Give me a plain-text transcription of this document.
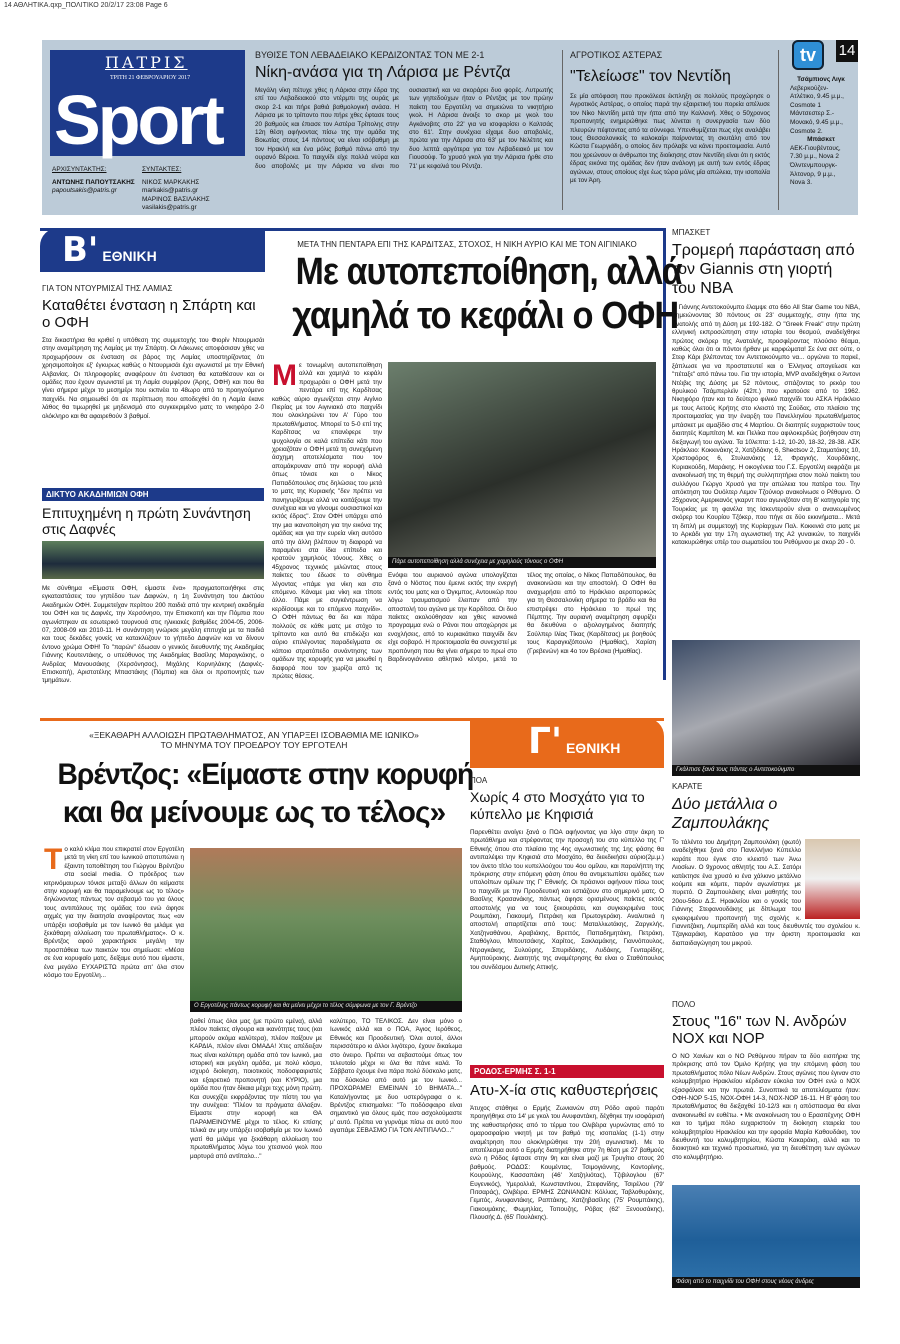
14 ΑΘΛΗΤΙΚΑ.qxp_ΠΟΛΙΤΙΚΟ 20/2/17 23:08 Page 6
ΠΑΤΡΙΣ
ΤΡΙΤΗ 21 ΦΕΒΡΟΥΑΡΙΟΥ 2017
Sport
ΑΡΧΙΣΥΝΤΑΚΤΗΣ:
ΑΝΤΩΝΗΣ ΠΑΠΟΥΤΣΑΚΗΣ
papoutsakis@patris.gr
ΣΥΝΤΑΚΤΕΣ:
ΝΙΚΟΣ ΜΑΡΚΑΚΗΣ markakis@patris.gr
ΜΑΡΙΝΟΣ ΒΑΣΙΛΑΚΗΣ vasilakis@patris.gr
ΒΥΘΙΣΕ ΤΟΝ ΛΕΒΑΔΕΙΑΚΟ ΚΕΡΔΙΖΟΝΤΑΣ ΤΟΝ ΜΕ 2-1
Νίκη-ανάσα για τη Λάρισα με Ρέντζα
Μεγάλη νίκη πέτυχε χθες η Λάρισα στην έδρα της επί του Λεβαδειακού στο ντέρμπι της ουράς με σκορ 2-1 και πήρε βαθιά βαθμολογική ανάσα. Η Λάρισα με το τρίποντο που πήρε χθες έφτασε τους 20 βαθμούς και έπιασε τον Αστέρα Τρίπολης στην 12η θέση αφήνοντας πίσω της την ομάδα της Βοιωτίας στους 14 πόντους να είναι ισόβαθμη με τον Ηρακλή και ένα μόλις βαθμό πάνω από την ουρανό Βέροια. Το παιχνίδι είχε πολλά νεύρα και δυο αποβολές με την Λάρισα να είναι πιο ουσιαστική και να σκοράρει δυο φορές. Λυτρωτής των γηπεδούχων ήταν ο Ρέντζας με τον πρώην παίκτη του Εργοτέλη να σημειώνει το νικητήριο γκολ. Η Λάρισα άνοιξε το σκορ με γκολ του Αγκάνοβιτς στο 22' για να ισοφαρίσει ο Καλτσάς στο 61'. Στην συνέχεια είχαμε δυο αποβολές, πρώτα για την Λάρισα στο 63' με τον Νελέτιτς και δυο λεπτά αργότερα για τον Λεβαδειακό με τον Γιουσούφ. Το χρυσό γκολ για την Λάρισα ήρθε στο 71' με κεφαλιά του Ρέντζα.
ΑΓΡΟΤΙΚΟΣ ΑΣΤΕΡΑΣ
"Τελείωσε" τον Νεντίδη
Σε μία απόφαση που προκάλεσε έκπληξη σε πολλούς προχώρησε ο Αγροτικός Αστέρας, ο οποίος παρά την εξαιρετική του πορεία απέλυσε τον Νίκο Νεντίδη μετά την ήττα από την Καλλονή. Χθες ο 50χρονος προπονητής ενημερώθηκε πως λύνεται η συνεργασία των δύο πλευρών πέφτοντας από τα σύννεφα. Υπενθυμίζεται πως είχε αναλάβει τους Θεσσαλονικείς το καλοκαίρι παίρνοντας τη σκυτάλη από τον Κώστα Γεωργιάδη, ο οποίος δεν πρόλαβε να κάνει προετοιμασία. Αυτό που χρεώνουν οι άνθρωποι της διοίκησης στον Νεντίδη είναι ότι η εκτός έδρας εικόνα της ομάδας δεν ήταν ανάλογη με αυτή των εντός έδρας αγώνων, στους οποίους είχε έως τώρα μόλις μία απώλεια, την ισοπαλία με τον Άρη.
tv	14
Τσάμπιονς Λιγκ
Λεβερκούζεν-Ατλέτικο, 9.45 μ.μ., Cosmote 1
Μάντσεστερ Σ.-Μονακό, 9.45 μ.μ., Cosmote 2.
Μπάσκετ
ΑΕΚ-Γιουβέντους, 7.30 μ.μ., Nova 2
Όλντενμπουργκ-Άλτονορ, 9 μ.μ., Nova 3.
Β' ΕΘΝΙΚΗ
ΓΙΑ ΤΟΝ ΝΤΟΥΡΜΙΣΑΪ ΤΗΣ ΛΑΜΙΑΣ
Καταθέτει ένσταση η Σπάρτη και ο ΟΦΗ
Στα δικαστήρια θα κριθεί η υπόθεση της συμμετοχής του Φιορίν Ντουρμισάι στην αναμέτρηση της Λαμίας με την Σπάρτη. Οι Λάκωνες αποφάσισαν χθες να προχωρήσουν σε ένσταση σε βάρος της Λαμίας υποστηρίζοντας ότι χρησιμοποίησε εξ' έγκυρως καθώς ο Ντουρμισάι έχει αγωνιστεί με την Εθνική Αλβανίας. Οι πληροφορίες αναφέρουν ότι ένσταση θα καταθέσουν και οι ομάδες που έχουν αγωνιστεί με τη Λαμία συμφέρον (Άρης, ΟΦΗ) και που θα γίνει σήμερα μέχρι το μεσημέρι που εκπνέει το 48ωρο από το προηγούμενο παιχνίδι. Να σημειωθεί ότι σε περίπτωση που αποδεχθεί ότι η Λαμία έκανε λάθος θα τιμωρηθεί με μηδενισμό στο συγκεκριμένο ματς το νικηφόρο 2-0 ολόκληρο και θα αφαιρεθούν 3 βαθμοί.
ΔΙΚΤΥΟ ΑΚΑΔΗΜΙΩΝ ΟΦΗ
Επιτυχημένη η πρώτη Συνάντηση στις Δαφνές
Με σύνθημα «Είμαστε ΟΦΗ, είμαστε ένα» πραγματοποιήθηκε στις εγκαταστάσεις του γηπέδου των Δαφνών, η 1η Συνάντηση του Δικτύου Ακαδημιών ΟΦΗ. Συμμετείχαν περίπου 200 παιδιά από την κεντρική ακαδημία του ΟΦΗ και τις Δαφνές, την Χερσόνησο, την Επισκοπή και την Πόμπια που αγωνίστηκαν σε εσωτερικό τουρνουά στις ηλικιακές βαθμίδες 2004-05, 2006-07, 2008-09 και 2010-11. Η συνάντηση γνώρισε μεγάλη επιτυχία με τα παιδιά και τους δεκάδες γονείς να κατακλύζουν το γήπεδο Δαφνών και να δίνουν έντονο χρώμα ΟΦΗ! Το "παρών" έδωσαν ο γενικός διευθυντής της Ακαδημίας Γιάννης Κουτεντάκης, ο υπεύθυνος της Ακαδημίας Βασίλης Μαραγκάκης, ο Ανδρέας Μανουσάκης (Χερσόνησος), Μιχάλης Κορνηλάκης (Δαφνές-Επισκοπή), Αριστοτέλης Μπαστάκης (Πόμπια) και όλοι οι προπονητές των τμημάτων.
ΜΕΤΑ ΤΗΝ ΠΕΝΤΑΡΑ ΕΠΙ ΤΗΣ ΚΑΡΔΙΤΣΑΣ, ΣΤΟΧΟΣ, Η ΝΙΚΗ ΑΥΡΙΟ ΚΑΙ ΜΕ ΤΟΝ ΑΙΓΙΝΙΑΚΟ
Με αυτοπεποίθηση, αλλά
χαμηλά το κεφάλι ο ΟΦΗ
Με τονωμένη αυτοπεποίθηση αλλά και χαμηλά το κεφάλι προχωράει ο ΟΦΗ μετά την πεντάρα επί της Καρδίτσας καθώς αύριο αγωνίζεται στην Αιγίνιο Πιερίας με τον Αιγινιακό στο παιχνίδι που ολοκληρώνει τον Α' Γύρο του πρωταθλήματος. Μπορεί το 5-0 επί της Καρδίτσας να επανέφερε την ψυχολογία σε καλά επίπεδα κάτι που χρειαζόταν ο ΟΦΗ μετά τη συνεχόμενη άσχημη αποτελέσματα που τον απομάκρυναν από την κορυφή αλλά όπως τόνισε και ο Νίκος Παπαδόπουλος στις δηλώσεις του μετά το ματς της Κυριακής "δεν πρέπει να πανηγυρίζουμε αλλά να κοιτάξουμε την συνέχεια και να γίνουμε ουσιαστικοί και εκτός έδρας". Στον ΟΦΗ υπάρχει από την μια ικανοποίηση για την εικόνα της ομάδας και για την ευρεία νίκη αυτόσο από την άλλη βλέπουν τη διαφορά να παραμένει στα ίδια επίπεδα και κρατούν χαμηλούς τόνους. Χθες ο 45χρονος τεχνικός μιλώντας στους παίκτες του έδωσε το σύνθημα λέγοντας «πάμε για νίκη και στο επόμενο. Κάναμε μια νίκη και τίποτε άλλο. Πάμε με συγκέντρωση να κερδίσουμε και το επόμενο παιχνίδι». Ο ΟΦΗ πάντως θα δει και πάρα πολλούς σε κάθε ματς με στόχο το τρίποντο και αυτό θα επιδιώξει και αύριο επιλέγοντας παραδείγματα σε κάποιο στρατόπεδο συνάντησης των ομάδων της κορυφής για να μειωθεί η διαφορά που τον χωρίζει από τις πρώτες θέσεις.
Πάρε αυτοπεποίθηση αλλά συνέχεια με χαμηλούς τόνους ο ΟΦΗ
Ενόψει του αυριανού αγώνα υπολογίζεται ξανά ο Νόστος που έμεινε εκτός την ενεργή εντός του ματς και ο Όγκμπος, Αντουκώρ που λόγω τραυματισμού έλειπαν από την αποστολή του αγώνα με την Καρδίτσα. Οι δυο παίκτες ακολούθησαν και χθες κανονικά προγραμμα ενώ ο Ράνοι που αποχώρησε με ενοχλήσεις, από το κυριακάτικο παιχνίδι δεν είχε σοβαρό. Η προετοιμασία θα συνεχιστεί με προπόνηση που θα γίνει σήμερα το πρωί στο Βαρδινογιάννειο αθλητικό κέντρο, μετά το τέλος της οποίας, ο Νίκος Παπαδόπουλος, θα ανακοινώσει και την αποστολή. Ο ΟΦΗ θα αναχωρήσει από το Ηράκλειο αεροπορικώς για τη Θεσσαλονίκη σήμερα το βράδυ και θα επιστρέψει στο Ηράκλειο το πρωί της Πέμπτης. Την αυριανή αναμέτρηση σφυρίζει θα διευθύνει ο αξιολογημένος διαιτητής Σούλπερ Ιλίας Τίκας (Καρδίτσας) με βοηθούς τους Καραγκιζόπουλο (Ημαθίας), Χαρίση (Γρεβενών) και 4ο τον Βρέσκα (Ημαθίας).
ΜΠΑΣΚΕΤ
Τρομερή παράσταση από τον Giannis στη γιορτή του NBA
Ο Γιάννης Αντετοκούνμπο έλαμψε στο 66ο All Star Game του NBA, σημειώνοντας 30 πόντους σε 23' συμμετοχής, στην ήττα της Ανατολής από τη Δύση με 192-182. Ο "Greek Freak" στην πρώτη ελληνική εκπροσώπηση στην ιστορία του θεσμού, αναδείχθηκε πρώτος σκόρερ της Ανατολής, προσφέροντας πλούσιο θέαμα, καθώς όλοι ότι οι πόντοι ήρθαν με καρφώματα! Σε ένα σετ ούτε, ο Στεφ Κάρι βλέποντας τον Αντετοκούνμπο να... οργώνει το παρκέ, ξάπλωσε για να προστατευτεί και ο Έλληνας απογείωσε και "πέταξε" από πάνω του. Για την ιστορία, MVP αναδείχθηκε ο Άντονι Ντέιβις της Δύσης με 52 πόντους, σπάζοντας το ρεκόρ του θρυλικού Τσάμπερλεϊν (42π.) που κρατούσε από το 1962. Νικηφόρο ήταν και το δεύτερο φιλικό παιχνίδι του ΑΣΚΑ Ηράκλειο με τους Αετούς Κρήτης στο κλειστό της Σούδας, στο πλαίσιο της προετοιμασίας για την έναρξη του Πανελληνίου πρωταθλήματος μπάσκετ με αμαξίδιο στις 4 Μαρτίου. Οι διαιτητές ευχαριστούν τους διαιτητές Καμπίτση Μ. και Πελίκα που αφιλοκερδώς βοήθησαν στη διεξαγωγή του αγώνα. Τα 10λεπτα: 1-12, 10-20, 18-32, 28-38. ΑΣΚ Ηράκλειο: Κοκκινάκης 2, Χατζιδάκης 6, Shectsov 2, Σταματάκης 10, Χριστοφόρος 6, Στυλιανάκης 12, Φραγκής, Χουρδάκης, Κυριακούδη, Μαράκης. Η οικογένεια του Γ.Σ. Εργοτέλη εκφράζει με ανακοίνωσή της τη θερμή της συλληπητήρια στον πολύ παίκτη του συλλόγου Γιώργο Χρυσό για την απώλεια του πατέρα του. Την απόκτηση του Ουόλτερ Λεμον Τζούνιορ ανακοίνωσε ο Ρέθυμνο. Ο 25χρονος Αμερικανός γκαρντ που αγωνιζόταν στη Β' κατηγορία της Τουρκίας με τη φανέλα της Ισκεντερούν είναι ο ανανεωμένος σκόρερ του Κουρίου Τζόκερ, που πήγε σε δύο εκκινήματα... Μετά τη διπλή με συμμετοχή της Κυρίαρχων Παλ. Κοκκινιά στο ματς με το Αρκάδι για την 17η αγωνιστική της Α2 γυναικών, το παιχνίδι κατακυρώθηκε υπέρ του σωματείου του Ρεθύμνου με σκορ 20 - 0.
Γκάλπισε ξανά τους πάντες ο Αντετοκούνμπο
Γ' ΕΘΝΙΚΗ
«ΞΕΚΑΘΑΡΗ ΑΛΛΟΙΩΣΗ ΠΡΩΤΑΘΛΗΜΑΤΟΣ, ΑΝ ΥΠΑΡΞΕΙ ΙΣΟΒΑΘΜΙΑ ΜΕ ΙΩΝΙΚΟ»
ΤΟ ΜΗΝΥΜΑ ΤΟΥ ΠΡΟΕΔΡΟΥ ΤΟΥ ΕΡΓΟΤΕΛΗ
Βρέντζος: «Είμαστε στην κορυφή
και θα μείνουμε ως το τέλος»
Το καλό κλίμα που επικρατεί στον Εργοτέλη μετά τη νίκη επί του Ιωνικού αποτυπώνει η έξαιντη τοποθέτηση του Γιώργου Βρέντζου στα social media. Ο πρόεδρος των κιτρινόμαυρων τόνισε μεταξύ άλλων ότι κείμαστε στην κορυφή και θα παραμείνουμε ως το τέλος» δηλώνοντας πάντως τον σεβασμό του για όλους τους αντιπάλους της ομάδας του ενώ άφησε αιχμές για την διαιτησία αναφέροντας πως «αν υπάρξει ισοβαθμία με τον Ιωνικό θα μιλάμε για ξεκάθαρη αλλοίωση του πρωταθλήματος». Ο κ. Βρέντζος αφού χαρακτήρισε μεγάλη την προσπάθεια των παικτών του σημείωσε: «Μέσα σε ένα κορυφαίο ματς, δείξαμε αυτό που είμαστε, ένα μεγάλο ΕΥΧΑΡΙΣΤΩ πρώτα απ' όλα στον κόσμο του Εργοτέλη...
Ο Εργοτέλης πάντως κορυφή και θα μείνει μέχρι το τέλος σύμφωνα με τον Γ. Βρέντζο
βαθεί όπως όλοι μας (με πρώτο εμένα), αλλά πλέον παίκτες σίγουρα και ικανότητες τους (και μπορούν ακόμα καλύτερα), πλέον παίζουν με ΚΑΡΔΙΑ, πλέον είναι ΟΜΑΔΑ! Χτες απέδειξαν πως είναι καλύτερη ομάδα από τον Ιωνικό, μια ιστορική και μεγάλη ομάδα, με πολύ κόσμο, ισχυρό διοίκηση, ποιοτικούς ποδοσφαιριστές και εξαιρετικό προπονητή (και ΚΥΡΙΟ), μια ομάδα που ήταν δίκαια μέχρι τεχς μόνη πρώτη. Και συνεχίζει εκφράζοντας την πίστη του για την συνέχεια: "Πλέον τα πράγματα άλλαξαν. Είμαστε στην κορυφή και ΘΑ ΠΑΡΑΜΕΙΝΟΥΜΕ μέχρι το τέλος. Κι επίσης τελικά αν μην υπάρξει ισοβαθμία με τον Ιωνικό γιατί θα μιλάμε για ξεκάθαρη αλλοίωση του πρωταθλήματος λόγω του χτεσινού γκολ που μαρτυρά από αντίπαλο..."
καλύτερο, ΤΟ ΤΕΛΙΚΟΣ. Δεν είναι μόνο ο Ιωνικός αλλά και ο ΠΟΑ, Άγιος Ιερόθεος, Εθνικός και Προοδευτική. Όλοι αυτοί, άλλοι περισσότερο κι άλλοι λιγότερο, έχουν δικαίωμα στο όνειρο. Πρέπει να σεβαστούμε όπως τον τελευταίο μέχρι κι όλα θα πάνε καλά. Το Σάββατο έχουμε ένα πάρα πολύ δύσκολο ματς, πιο δύσκολο από αυτό με τον Ιωνικό... ΠΡΟΧΩΡΑΜΕ! ΕΜΕΙΝΑΝ 10 ΒΗΜΑΤΑ..." Καταλήγοντας με δυο υστερόγραφα ο κ. Βρέντζος επισημαίνει: "Το ποδόσφαιρο είναι σημαντικό για όλους εμάς που ασχολούμαστε μ' αυτό. Πρέπει να γυρνάμε πίσω σε αυτό που αγαπάμε ΣΕΒΑΣΜΟ ΓΙΑ ΤΟΝ ΑΝΤΙΠΑΛΟ..."
ΠΟΑ
Χωρίς 4 στο Μοσχάτο για το κύπελλο με Κηφισιά
Παρενθέτει ανοίγει ξανά ο ΠΟΑ αφήνοντας για λίγο στην άκρη το πρωτάθλημα και στρέφοντας την προσοχή του στο κύπελλο της Γ' Εθνικής όπου στο πλαίσιο της 4ης αγωνιστικής της 1ης φάσης θα αντιπαλέψει την Κηφισιά στο Μοσχάτο, θα διεκδικήσει αύριο(2μ.μ.) τον άνετο τίτλο του κυπελλούχου του 4ου ομίλου, και παραλήπτη της πρόκρισης στην επόμενη φάση όπου θα αντιμετωπίσει ομάδες των υπολοίπων ομίλων της Γ' Εθνικής. Οι πράσινοι αφήνουν πίσω τους το παιχνίδι με την Προοδευτική και εστιάζουν στο σημερινό ματς. Ο Βασίλης Κρασανάκης, πάντως άφησε ορισμένους παίκτες εκτός αποστολής για να τους ξεκουράσει, και συγκεκριμένα τους Ρουμπάκη, Γιακουμή, Πετράκη και Πρωτογεράκη. Αναλυτικά η αποστολή απαρτίζεται από τους: Ματαλλιωτάκης, Ζαργκλής, Χατζηναθάνου, Αραβιάκης, Βρεττός, Παπαδημητάκη, Πετράκη, Σταθόγλου, Μπουτσάκης, Χαρίτος, Σακλαμάκης, Γιαννόπουλος, Ντραγκάκης, Συλούρης, Σπυριδάκης, Λυδάκης, Γενιταρίδης, Αμηπούρακης. Διαιτητής της αναμέτρησης θα είναι ο Σταθόπουλος του συνδέσμου Δυτικής Αττικής.
ΡΟΔΟΣ-ΕΡΜΗΣ Σ. 1-1
Ατυ-Χ-ία στις καθυστερήσεις
Άτυχος στάθηκε ο Ερμής Ζωνιανών στη Ρόδο αφού παρότι προηγήθηκε στο 14' με γκολ του Ανυφαντάκη, δέχθηκε την ισοφάρισή της καθυστερήσεις από το τέρμα του Ολιβέιρα γυρνώντας από το ομαροσφαίριο νικητή με τον βαθμό της ισοπαλίας (1-1) στην αναμέτρηση που ολοκληρώθηκε την 20ή αγωνιστική. Με το αποτέλεσμα αυτό ο Ερμής διατηρήθηκε στην 7η θέση με 27 βαθμούς ενώ η Ρόδος έφτασε στην 9η και είναι μαζί με Τρυγίτιο στους 20 βαθμούς. ΡΟΔΟΣ: Κουμέντας, Τσιμογιάννης, Κοντορίνης, Κουρούλης, Κασσαπάκη (46' Χατζηλιότας), Τζιβιλογλου (67' Ευγενικός), Υμερολλιά, Κωνσταντίνου, Στεφανίδης, Τσιρέλου (79' Πιτσαράς), Ολιβέιρα. ΕΡΜΗΣ ΖΩΝΙΑΝΩΝ: Κόλλιας, Ταβλοθυράκης, Γεμιτός, Ανυφαντάκης, Ραπτάκης, Χατζηβασίλης (75' Ρουμπάκης), Γιακουμάκης, Φωμηλίας, Τοπουζης, Ρόβας (62' Ξενουσάκης), Πλουσής Δ. (65' Πουλάκης).
ΚΑΡΑΤΕ
Δύο μετάλλια ο Ζαμπουλάκης
Το τάλέντο του Δημήτρη Ζαμπουλάκη (φωτό) αναδείχθηκε ξανά στο Πανελλήνιο Κύπελλο καράτε που έγινε στο κλειστό των Άνω Λιοσίων. Ο 9χρονος αθλητής του Α.Σ. Σατόρι κατέκτησε ένα χρυσό κι ένα χάλκινο μετάλλιο κούμιτε και κόμιτε, παρόν αγωνίστηκε με πυρετό. Ο Ζαμπουλάκης είναι μαθητής του 20ου-56ου Δ.Σ. Ηρακλείου και ο γονείς του Γιάννης Στεφανουδάκης με δίπλωμα του εγκεκριμένου προπονητή της σχολής κ. Γιαννιτζάκη, Λυμπερίδη αλλά και τους διευθυντές του σχολείου κ. Τζαγκαράκη, Καρατάσο για την άριστη προετοιμασία και διαπαιδαγώγηση του μικρού.
ΠΟΛΟ
Στους "16" των Ν. Ανδρών ΝΟΧ και ΝΟΡ
Ο ΝΟ Χανίων και ο ΝΟ Ρεθύμνου πήραν τα δύο εισιτήρια της πρόκρισης από τον Όμιλο Κρήτης για την επόμενη φάση του πρωταθλήματος πόλο Νέων Ανδρών. Στους αγώνες που έγιναν στο κολυμβητήριο Ηρακλείου κέρδισαν εύκολα τον ΟΦΗ ενώ ο ΝΟΧ εξασφάλισε και την πρωτιά. Συνοπτικά τα αποτελέσματα ήταν: ΟΦΗ-ΝΟΡ 5-15, ΝΟΧ-ΟΦΗ 14-3, ΝΟΧ-ΝΟΡ 16-11. Η Β' φάση του πρωταθλήματος θα διεξαχθεί 10-12/3 και η απόσπασμα θα είναι ανακοινωθεί εν ευθέτω. • Με ανακοίνωση του ο Ερασιτέχνης ΟΦΗ και το τμήμα πόλο ευχαριστούν τη διοίκηση εταιρεία του κολυμβητηρίου Ηρακλείου και την εφορεία Μαρία Καθουδάκη, τον διευθυντή του κολυμβητηρίου, Κώστα Κακαράκη, αλλά και το διοικητικό και τεχνικό προσωπικό, για τη διευθέτηση των αγώνων στο κολυμβητήριο.
Φάση από το παιχνίδι του ΟΦΗ στους νέους άνδρες
